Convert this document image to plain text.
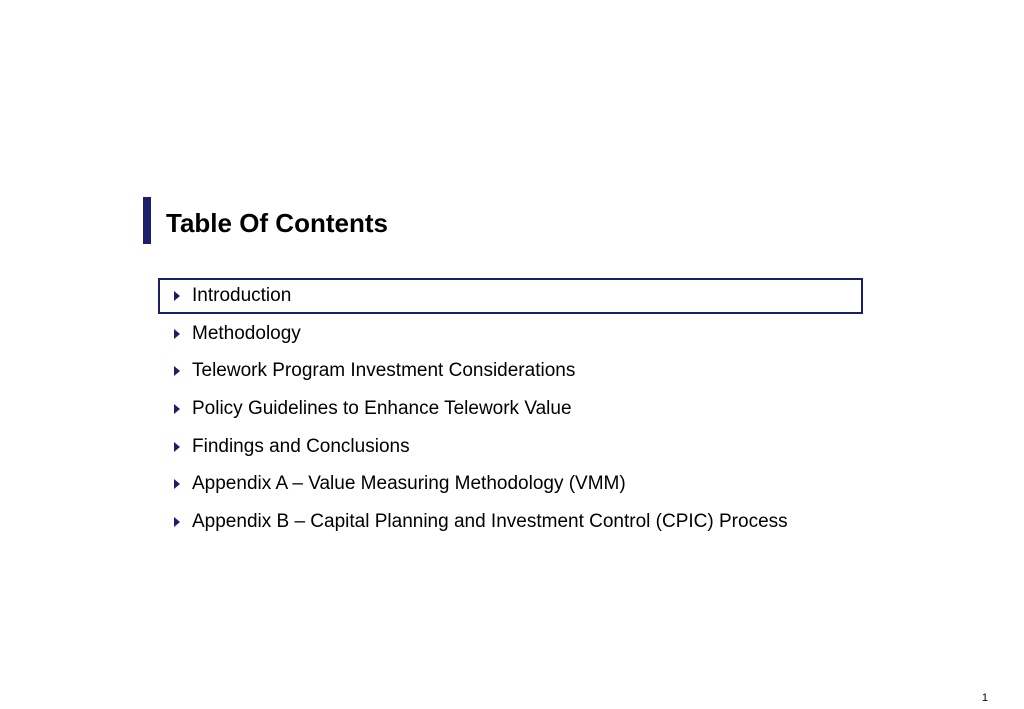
Table Of Contents
Introduction
Methodology
Telework Program Investment Considerations
Policy Guidelines to Enhance Telework Value
Findings and Conclusions
Appendix A – Value Measuring Methodology (VMM)
Appendix B – Capital Planning and Investment Control (CPIC) Process
1
